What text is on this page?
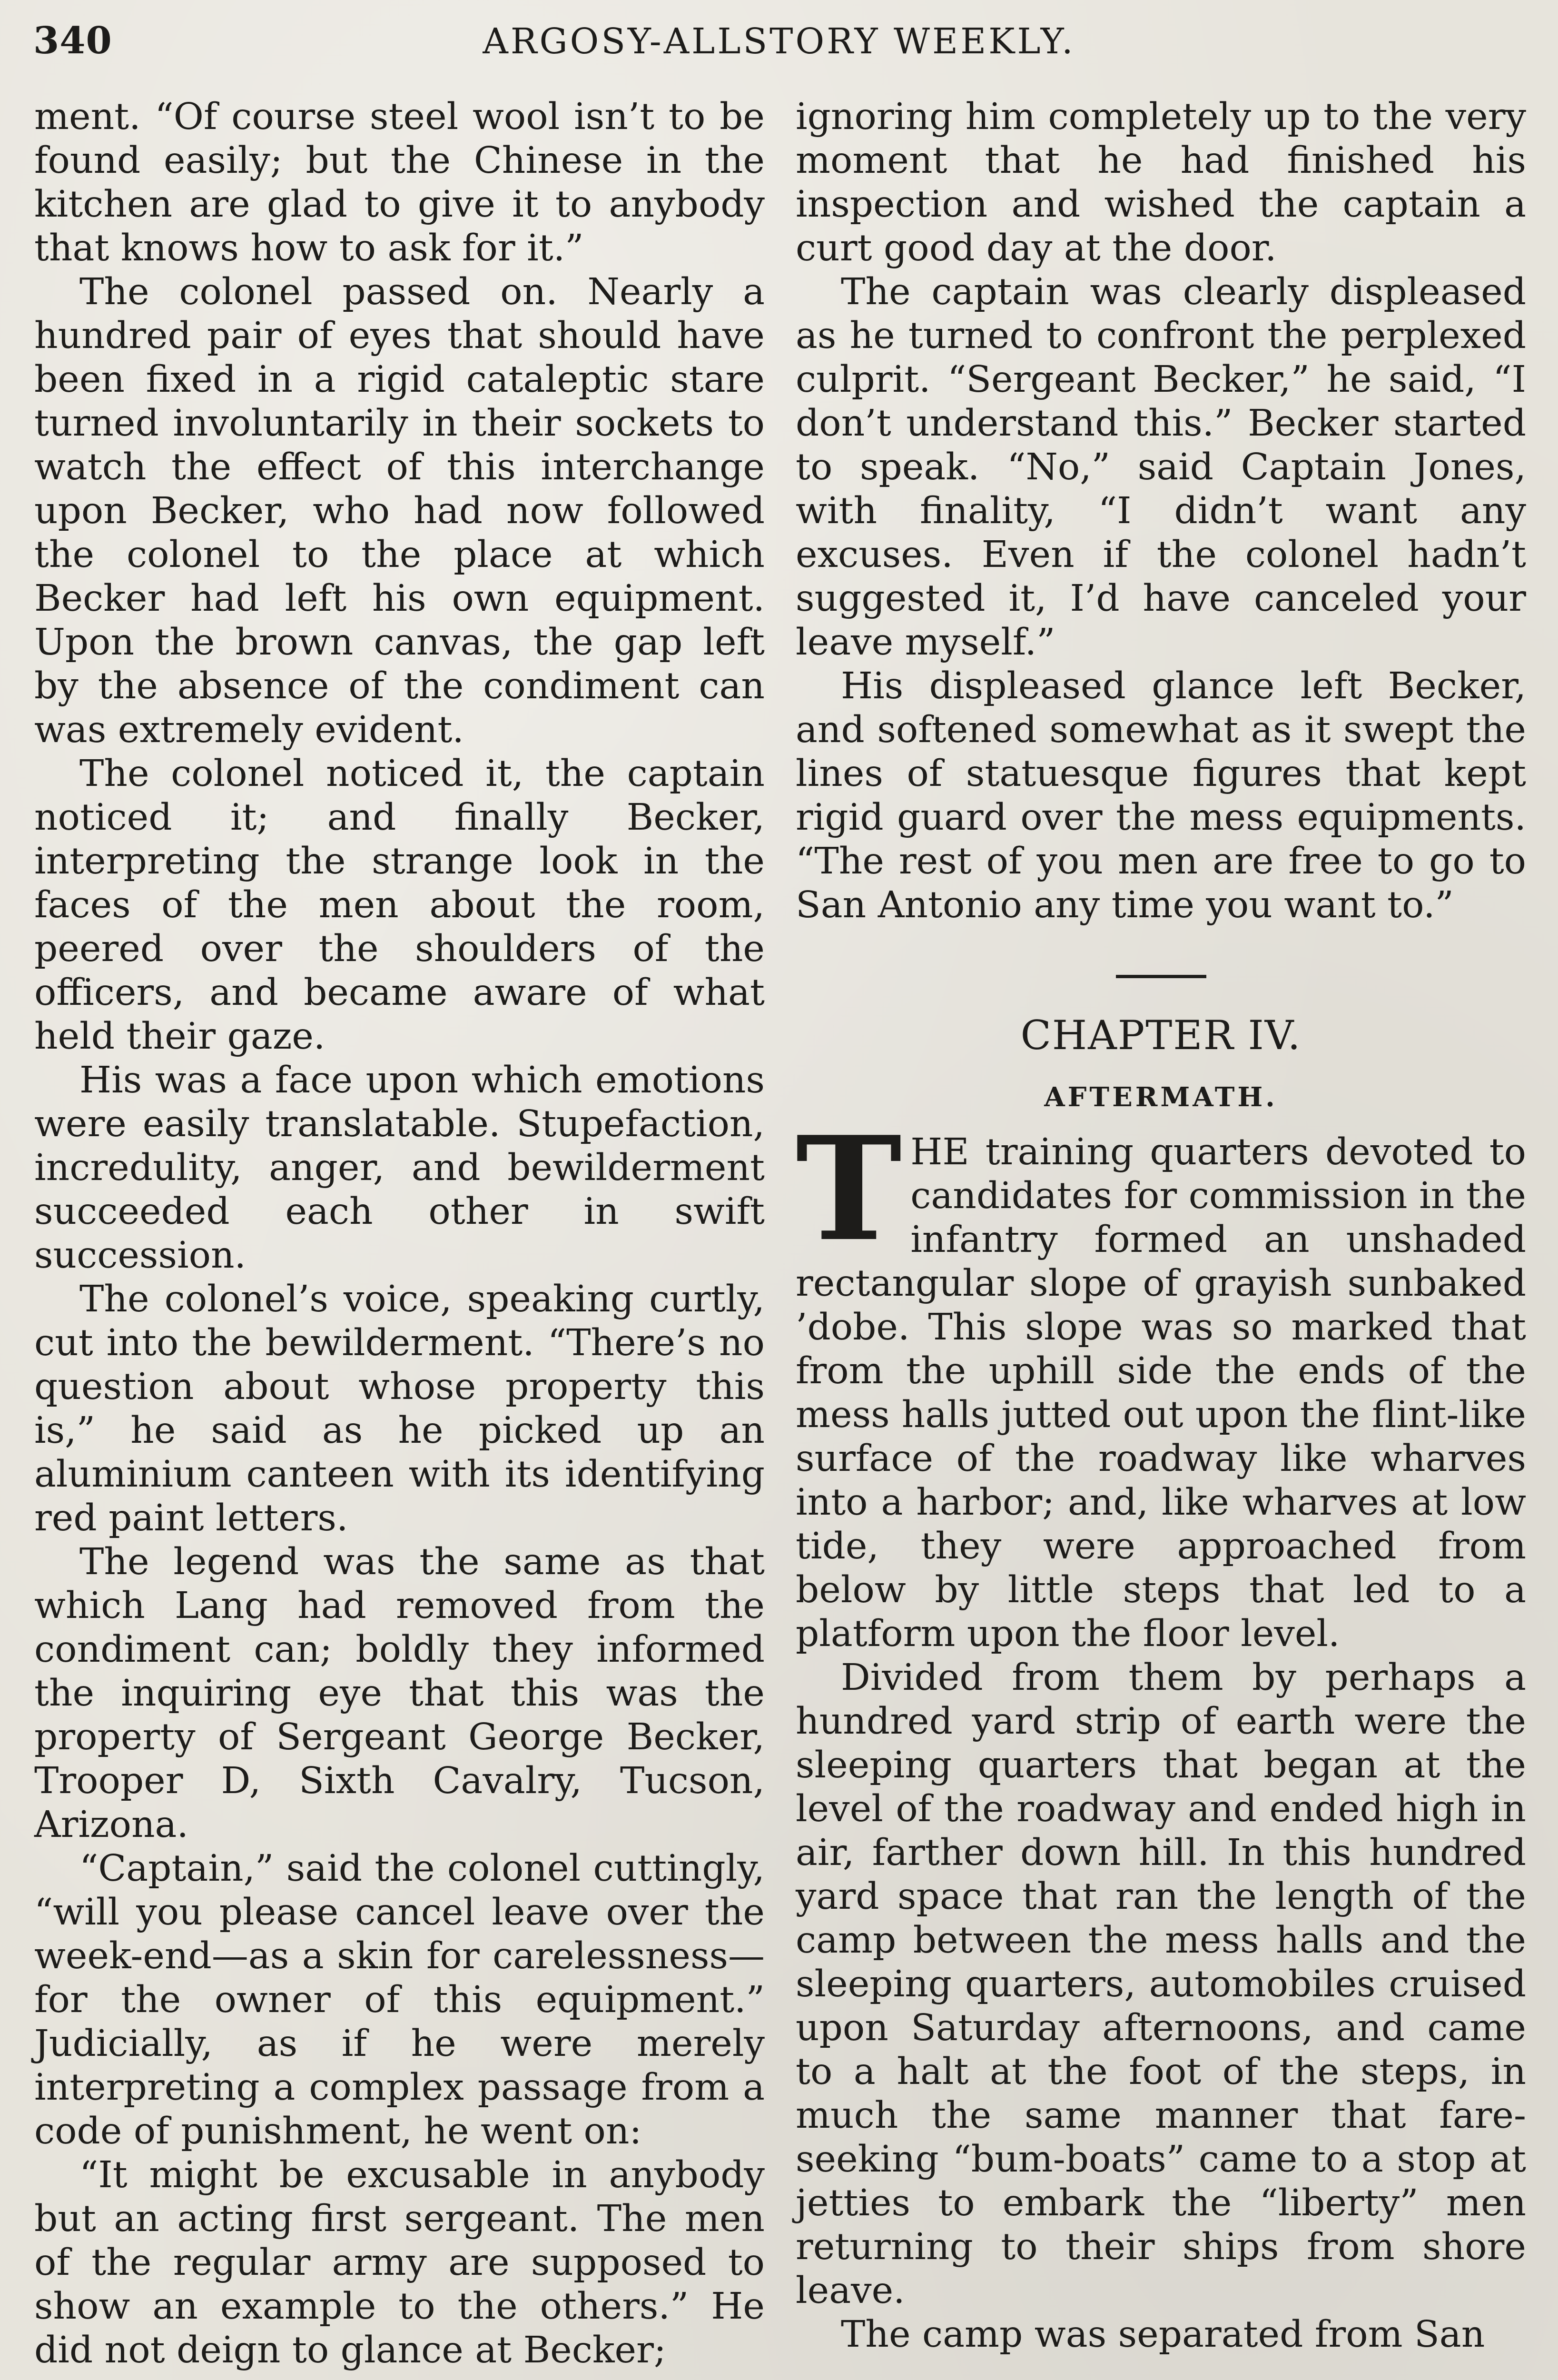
340	ARGOSY-ALLSTORY WEEKLY.

ment. “Of course steel wool isn’t to be found easily; but the Chinese in the kitchen are glad to give it to anybody that knows how to ask for it.”

The colonel passed on. Nearly a hundred pair of eyes that should have been fixed in a rigid cataleptic stare turned involuntarily in their sockets to watch the effect of this interchange upon Becker, who had now followed the colonel to the place at which Becker had left his own equipment. Upon the brown canvas, the gap left by the absence of the condiment can was extremely evident.

The colonel noticed it, the captain noticed it; and finally Becker, interpreting the strange look in the faces of the men about the room, peered over the shoulders of the officers, and became aware of what held their gaze.

His was a face upon which emotions were easily translatable. Stupefaction, incredulity, anger, and bewilderment succeeded each other in swift succession.

The colonel’s voice, speaking curtly, cut into the bewilderment. “There’s no question about whose property this is,” he said as he picked up an aluminium canteen with its identifying red paint letters.

The legend was the same as that which Lang had removed from the condiment can; boldly they informed the inquiring eye that this was the property of Sergeant George Becker, Trooper D, Sixth Cavalry, Tucson, Arizona.

“Captain,” said the colonel cuttingly, “will you please cancel leave over the week-end—as a skin for carelessness—for the owner of this equipment.” Judicially, as if he were merely interpreting a complex passage from a code of punishment, he went on:

“It might be excusable in anybody but an acting first sergeant. The men of the regular army are supposed to show an example to the others.” He did not deign to glance at Becker;

ignoring him completely up to the very moment that he had finished his inspection and wished the captain a curt good day at the door.

The captain was clearly displeased as he turned to confront the perplexed culprit. “Sergeant Becker,” he said, “I don’t understand this.” Becker started to speak. “No,” said Captain Jones, with finality, “I didn’t want any excuses. Even if the colonel hadn’t suggested it, I’d have canceled your leave myself.”

His displeased glance left Becker, and softened somewhat as it swept the lines of statuesque figures that kept rigid guard over the mess equipments. “The rest of you men are free to go to San Antonio any time you want to.”

CHAPTER IV.
AFTERMATH.

THE training quarters devoted to candidates for commission in the infantry formed an unshaded rectangular slope of grayish sunbaked ’dobe. This slope was so marked that from the uphill side the ends of the mess halls jutted out upon the flint-like surface of the roadway like wharves into a harbor; and, like wharves at low tide, they were approached from below by little steps that led to a platform upon the floor level.

Divided from them by perhaps a hundred yard strip of earth were the sleeping quarters that began at the level of the roadway and ended high in air, farther down hill. In this hundred yard space that ran the length of the camp between the mess halls and the sleeping quarters, automobiles cruised upon Saturday afternoons, and came to a halt at the foot of the steps, in much the same manner that fare-seeking “bum-boats” came to a stop at jetties to embark the “liberty” men returning to their ships from shore leave.

The camp was separated from San
